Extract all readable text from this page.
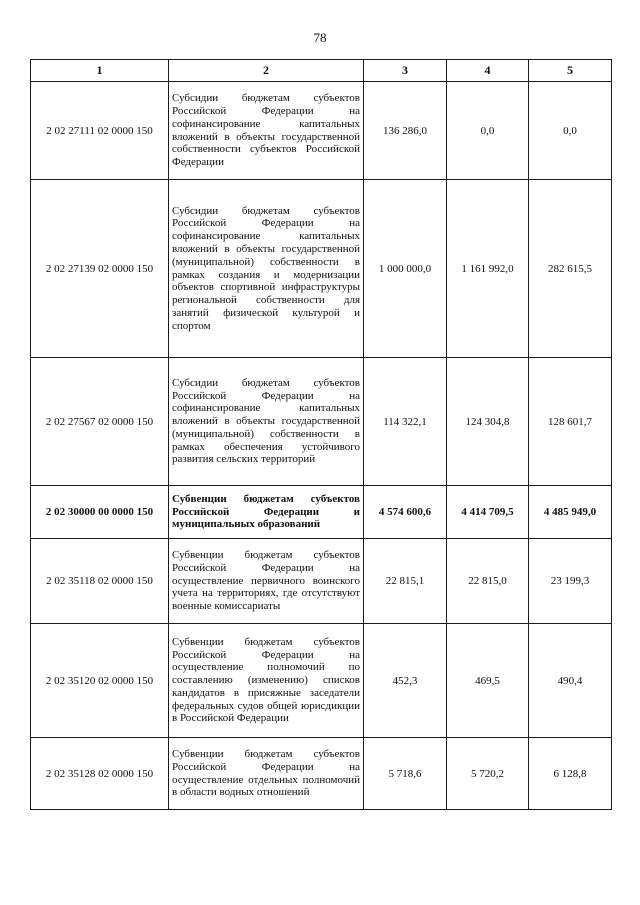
78
1	2	3	4	5
2 02 27111 02 0000 150	Субсидии бюджетам субъектов Российской Федерации на софинансирование капитальных вложений в объекты государственной собственности субъектов Российской Федерации	136 286,0	0,0	0,0
2 02 27139 02 0000 150	Субсидии бюджетам субъектов Российской Федерации на софинансирование капитальных вложений в объекты государственной (муниципальной) собственности в рамках создания и модернизации объектов спортивной инфраструктуры региональной собственности для занятий физической культурой и спортом	1 000 000,0	1 161 992,0	282 615,5
2 02 27567 02 0000 150	Субсидии бюджетам субъектов Российской Федерации на софинансирование капитальных вложений в объекты государственной (муниципальной) собственности в рамках обеспечения устойчивого развития сельских территорий	114 322,1	124 304,8	128 601,7
2 02 30000 00 0000 150	Субвенции бюджетам субъектов Российской Федерации и муниципальных образований	4 574 600,6	4 414 709,5	4 485 949,0
2 02 35118 02 0000 150	Субвенции бюджетам субъектов Российской Федерации на осуществление первичного воинского учета на территориях, где отсутствуют военные комиссариаты	22 815,1	22 815,0	23 199,3
2 02 35120 02 0000 150	Субвенции бюджетам субъектов Российской Федерации на осуществление полномочий по составлению (изменению) списков кандидатов в присяжные заседатели федеральных судов общей юрисдикции в Российской Федерации	452,3	469,5	490,4
2 02 35128 02 0000 150	Субвенции бюджетам субъектов Российской Федерации на осуществление отдельных полномочий в области водных отношений	5 718,6	5 720,2	6 128,8
